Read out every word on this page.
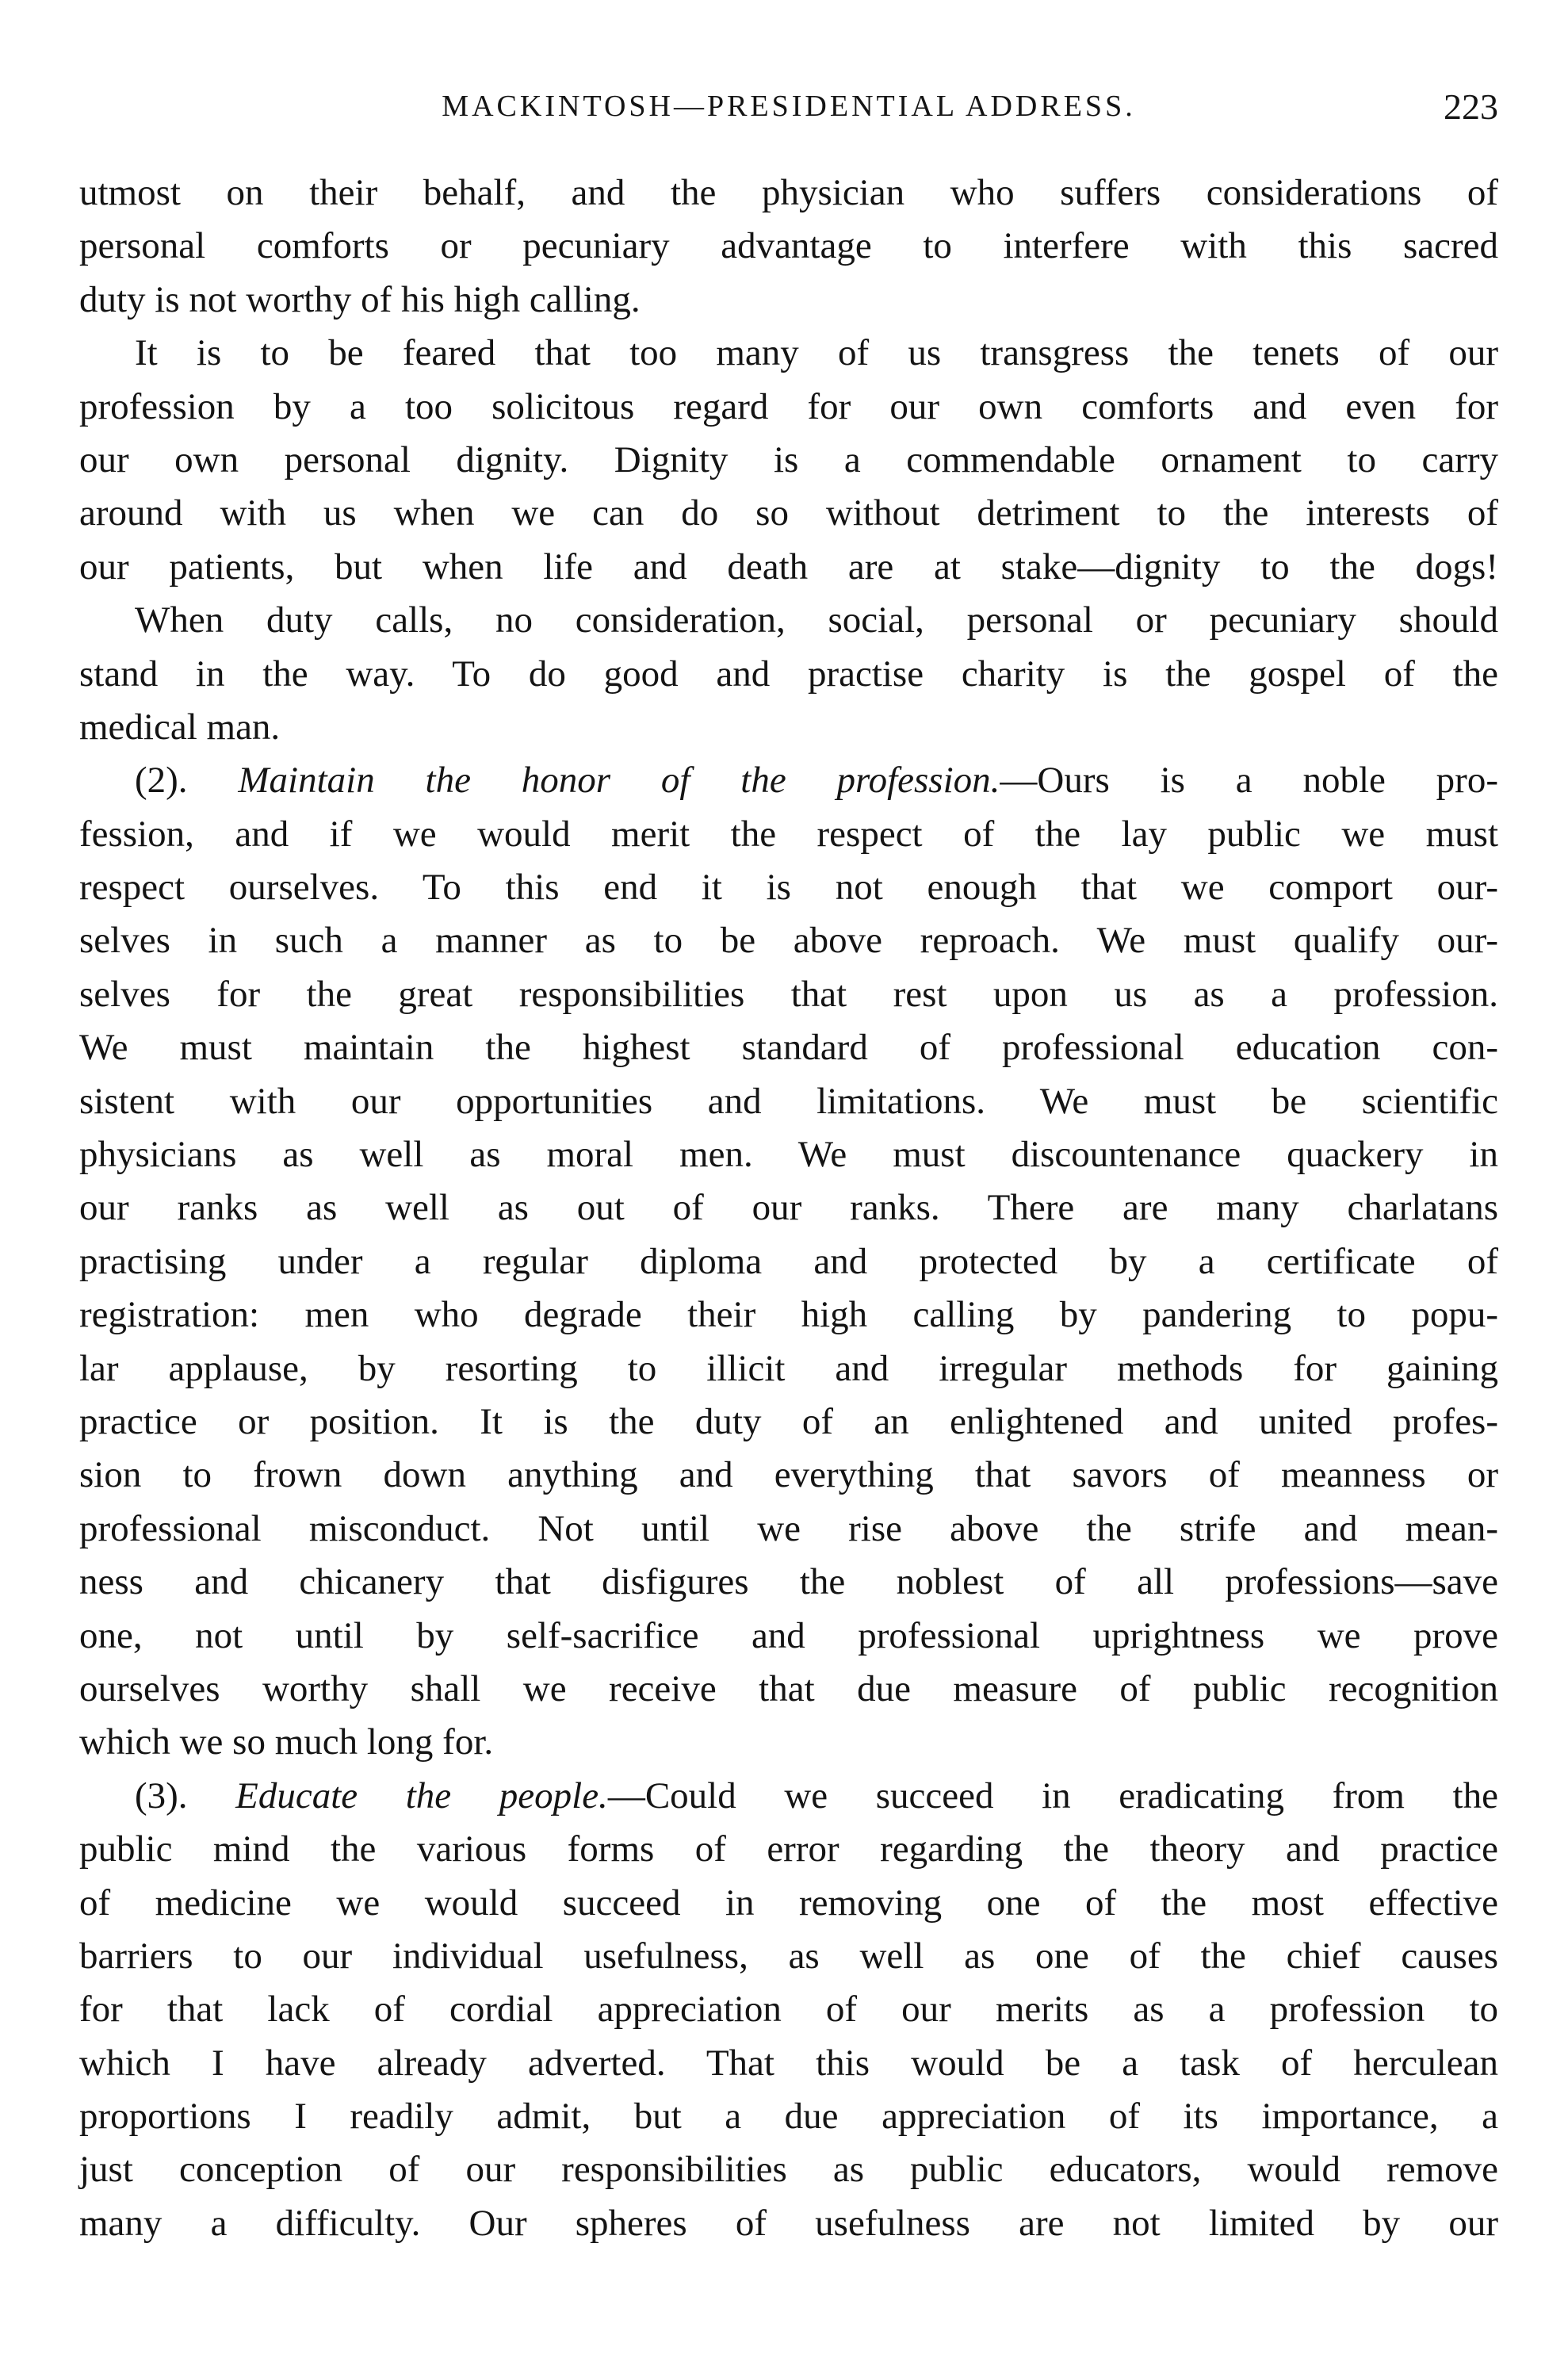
MACKINTOSH—PRESIDENTIAL ADDRESS.	223
utmost on their behalf, and the physician who suffers considerations of
personal comforts or pecuniary advantage to interfere with this sacred
duty is not worthy of his high calling.
It is to be feared that too many of us transgress the tenets of our
profession by a too solicitous regard for our own comforts and even for
our own personal dignity. Dignity is a commendable ornament to carry
around with us when we can do so without detriment to the interests of
our patients, but when life and death are at stake—dignity to the dogs!
When duty calls, no consideration, social, personal or pecuniary should
stand in the way. To do good and practise charity is the gospel of the
medical man.
(2). Maintain the honor of the profession.—Ours is a noble pro-
fession, and if we would merit the respect of the lay public we must
respect ourselves. To this end it is not enough that we comport our-
selves in such a manner as to be above reproach. We must qualify our-
selves for the great responsibilities that rest upon us as a profession.
We must maintain the highest standard of professional education con-
sistent with our opportunities and limitations. We must be scientific
physicians as well as moral men. We must discountenance quackery in
our ranks as well as out of our ranks. There are many charlatans
practising under a regular diploma and protected by a certificate of
registration: men who degrade their high calling by pandering to popu-
lar applause, by resorting to illicit and irregular methods for gaining
practice or position. It is the duty of an enlightened and united profes-
sion to frown down anything and everything that savors of meanness or
professional misconduct. Not until we rise above the strife and mean-
ness and chicanery that disfigures the noblest of all professions—save
one, not until by self-sacrifice and professional uprightness we prove
ourselves worthy shall we receive that due measure of public recognition
which we so much long for.
(3). Educate the people.—Could we succeed in eradicating from the
public mind the various forms of error regarding the theory and practice
of medicine we would succeed in removing one of the most effective
barriers to our individual usefulness, as well as one of the chief causes
for that lack of cordial appreciation of our merits as a profession to
which I have already adverted. That this would be a task of herculean
proportions I readily admit, but a due appreciation of its importance, a
just conception of our responsibilities as public educators, would remove
many a difficulty. Our spheres of usefulness are not limited by our
